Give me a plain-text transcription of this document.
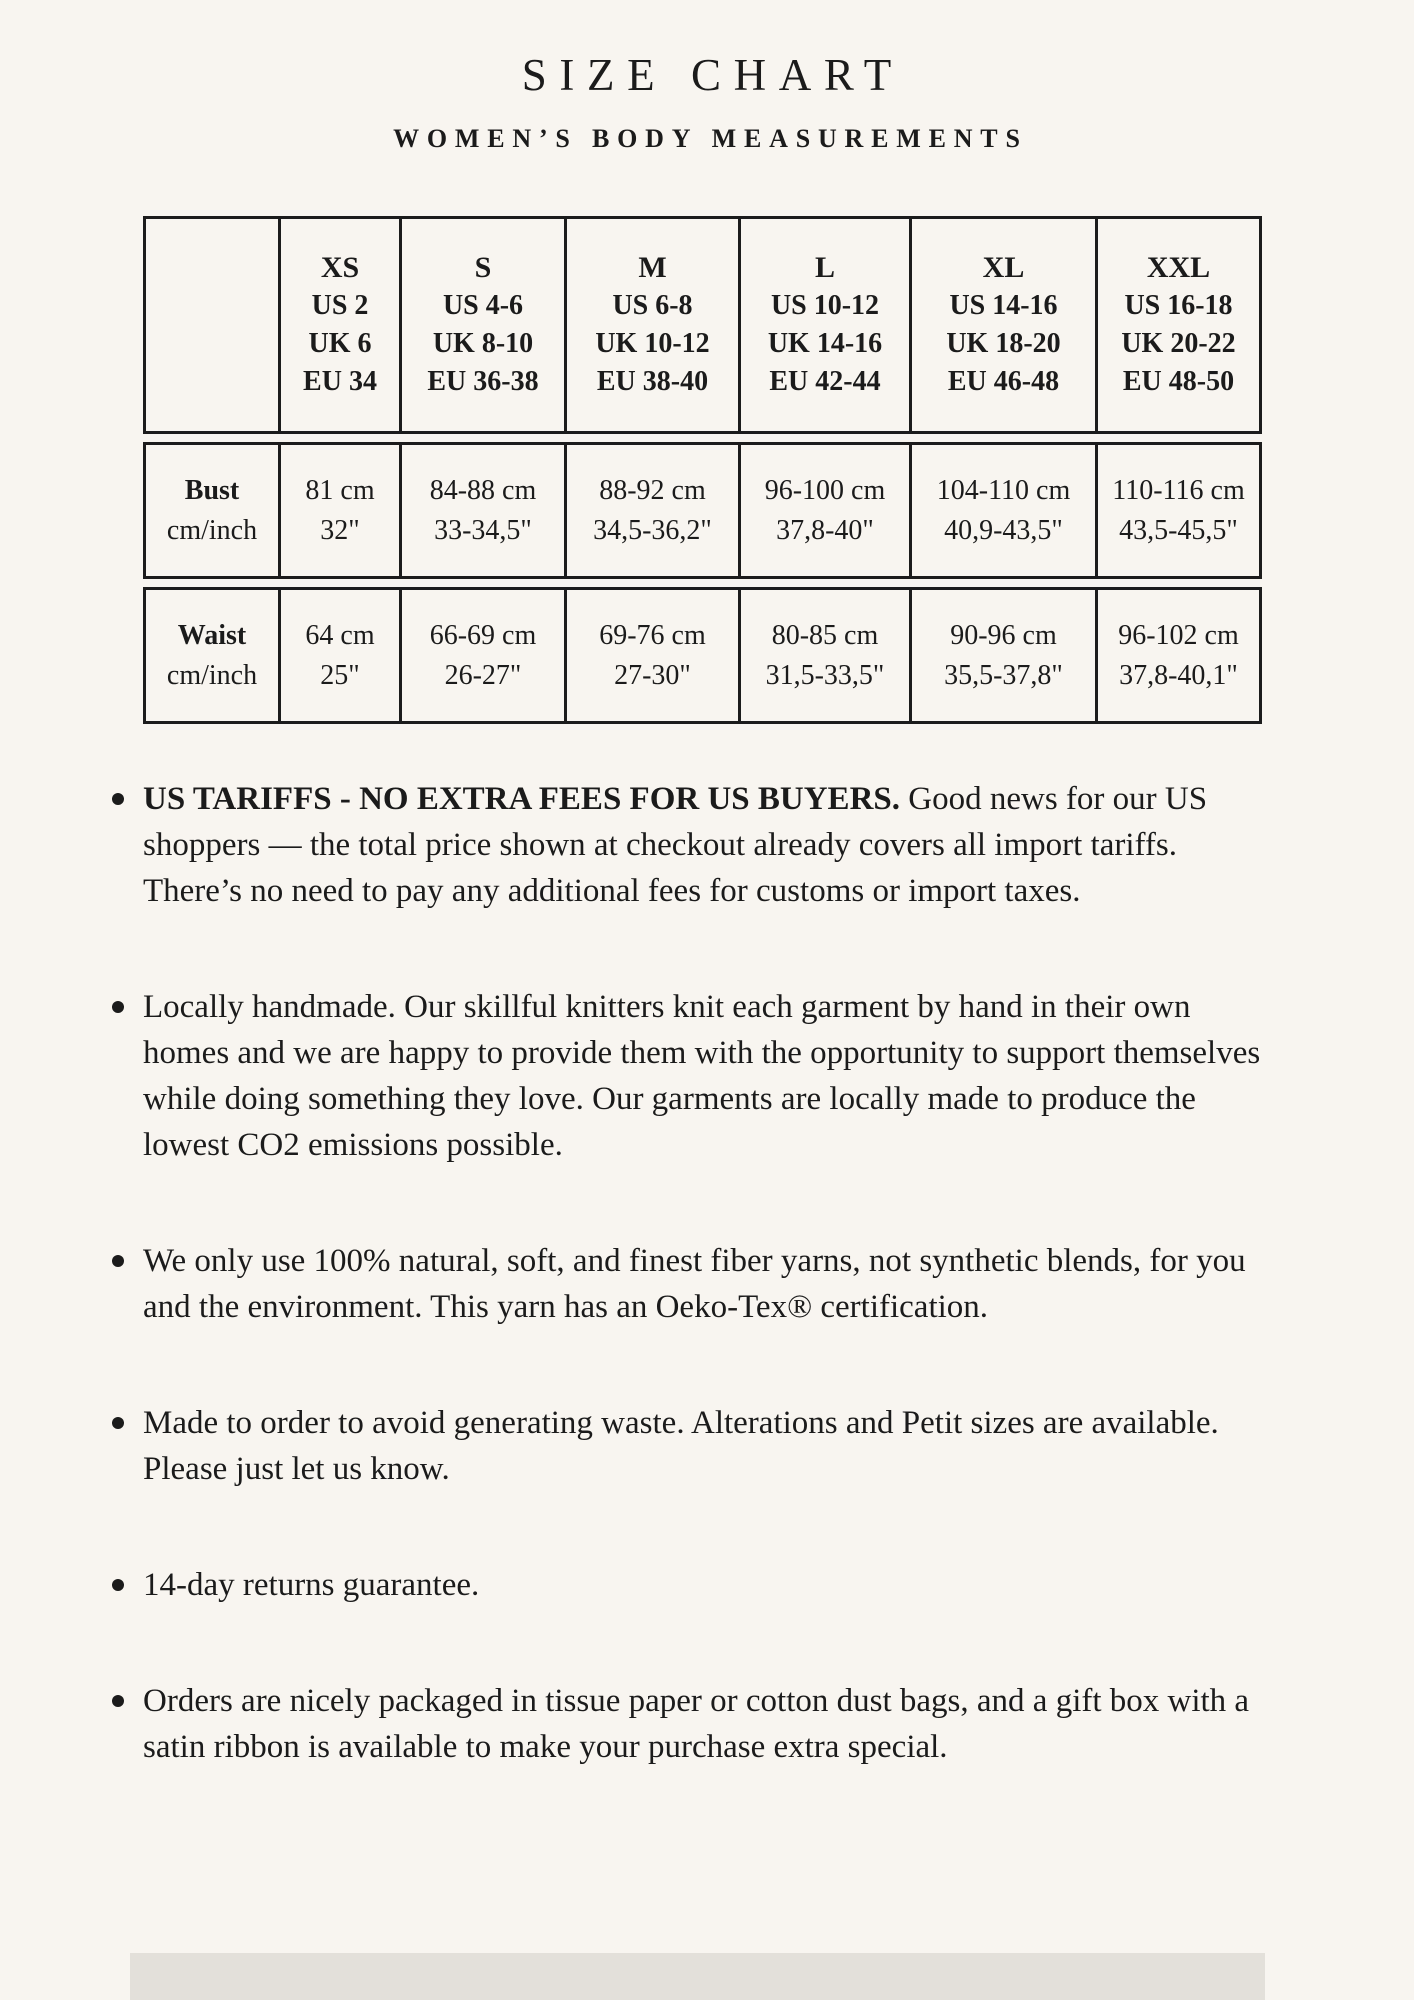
SIZE CHART
WOMEN’S BODY MEASUREMENTS
XS
US 2
UK 6
EU 34
S
US 4-6
UK 8-10
EU 36-38
M
US 6-8
UK 10-12
EU 38-40
L
US 10-12
UK 14-16
EU 42-44
XL
US 14-16
UK 18-20
EU 46-48
XXL
US 16-18
UK 20-22
EU 48-50
Bust
cm/inch
81 cm
32"
84-88 cm
33-34,5"
88-92 cm
34,5-36,2"
96-100 cm
37,8-40"
104-110 cm
40,9-43,5"
110-116 cm
43,5-45,5"
Waist
cm/inch
64 cm
25"
66-69 cm
26-27"
69-76 cm
27-30"
80-85 cm
31,5-33,5"
90-96 cm
35,5-37,8"
96-102 cm
37,8-40,1"
US TARIFFS - NO EXTRA FEES FOR US BUYERS. Good news for our US shoppers — the total price shown at checkout already covers all import tariffs. There’s no need to pay any additional fees for customs or import taxes.
Locally handmade. Our skillful knitters knit each garment by hand in their own homes and we are happy to provide them with the opportunity to support themselves while doing something they love. Our garments are locally made to produce the lowest CO2 emissions possible.
We only use 100% natural, soft, and finest fiber yarns, not synthetic blends, for you and the environment. This yarn has an Oeko-Tex® certification.
Made to order to avoid generating waste. Alterations and Petit sizes are available. Please just let us know.
14-day returns guarantee.
Orders are nicely packaged in tissue paper or cotton dust bags, and a gift box with a satin ribbon is available to make your purchase extra special.
